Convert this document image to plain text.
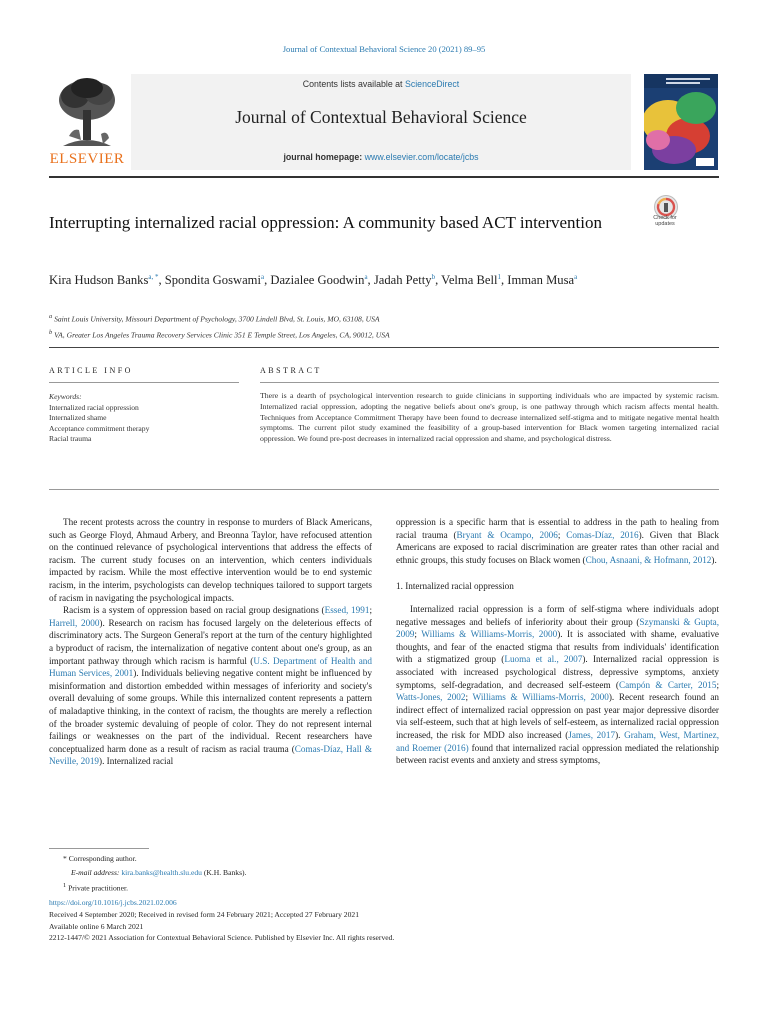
Journal of Contextual Behavioral Science 20 (2021) 89–95
ELSEVIER
Contents lists available at ScienceDirect
Journal of Contextual Behavioral Science
journal homepage: www.elsevier.com/locate/jcbs
Interrupting internalized racial oppression: A community based ACT intervention	Check for
updates
Kira Hudson Banks$^{a, *}$, Spondita Goswami$^a$, Dazialee Goodwin$^a$, Jadah Petty$^b$, Velma Bell$^1$, Imman Musa$^a$
$^a$ Saint Louis University, Missouri Department of Psychology, 3700 Lindell Blvd, St. Louis, MO, 63108, USA
$^b$ VA, Greater Los Angeles Trauma Recovery Services Clinic 351 E Temple Street, Los Angeles, CA, 90012, USA
ARTICLE INFO	ABSTRACT
Keywords:
Internalized racial oppression
Internalized shame
Acceptance commitment therapy
Racial trauma
There is a dearth of psychological intervention research to guide clinicians in supporting individuals who are impacted by systemic racism. Internalized racial oppression, adopting the negative beliefs about one's group, is one pathway through which racism affects mental health. Techniques from Acceptance Commitment Therapy have been found to decrease internalized self-stigma and to mitigate negative mental health symptoms. The current pilot study examined the feasibility of a group-based intervention for Black women targeting internalized racial oppression. We found pre-post decreases in internalized racial oppression and shame, and psychological distress.

The recent protests across the country in response to murders of Black Americans, such as George Floyd, Ahmaud Arbery, and Breonna Taylor, have refocused attention on the continued relevance of psychological interventions that address the effects of racism. The current study focuses on an intervention, which centers individuals impacted by racism. While the most effective intervention would be to end systemic racism, in the interim, psychologists can develop techniques tailored to support targets of racism in navigating the psychological impacts.

Racism is a system of oppression based on racial group designations (Essed, 1991; Harrell, 2000). Research on racism has focused largely on the deleterious effects of discriminatory acts. The Surgeon General's report at the turn of the century highlighted a byproduct of racism, the internalization of negative content about one's group, as an important pathway through which racism is harmful (U.S. Department of Health and Human Services, 2001). Individuals believing negative content might be influenced by misinformation and distortion embedded within messages of inferiority and society's overall devaluing of some groups. While this internalized content represents a pattern of maladaptive thinking, in the context of racism, the thoughts are merely a reflection of the broader systemic devaluing of people of color. They do not represent internal failings or weaknesses on the part of the individual. Recent researchers have conceptualized harm done as a result of racism as racial trauma (Comas-Díaz, Hall & Neville, 2019). Internalized racial

oppression is a specific harm that is essential to address in the path to healing from racial trauma (Bryant & Ocampo, 2006; Comas-Díaz, 2016). Given that Black Americans are exposed to racial discrimination are greater rates than other racial and ethnic groups, this study focuses on Black women (Chou, Asnaani, & Hofmann, 2012).

1. Internalized racial oppression

Internalized racial oppression is a form of self-stigma where individuals adopt negative messages and beliefs of inferiority about their group (Szymanski & Gupta, 2009; Williams & Williams-Morris, 2000). It is associated with shame, evaluative thoughts, and fear of the enacted stigma that results from individuals' identification with a stigmatized group (Luoma et al., 2007). Internalized racial oppression is associated with increased psychological distress, depressive symptoms, anxiety symptoms, self-degradation, and decreased self-esteem (Campón & Carter, 2015; Watts-Jones, 2002; Williams & Williams-Morris, 2000). Recent research found an indirect effect of internalized racial oppression on past year major depressive disorder via self-esteem, such that at high levels of self-esteem, as internalized racial oppression increased, the risk for MDD also increased (James, 2017). Graham, West, Martinez, and Roemer (2016) found that internalized racial oppression mediated the relationship between racist events and anxiety and stress symptoms,

* Corresponding author.
E-mail address: kira.banks@health.slu.edu (K.H. Banks).
$^1$ Private practitioner.
https://doi.org/10.1016/j.jcbs.2021.02.006
Received 4 September 2020; Received in revised form 24 February 2021; Accepted 27 February 2021
Available online 6 March 2021
2212-1447/© 2021 Association for Contextual Behavioral Science. Published by Elsevier Inc. All rights reserved.
